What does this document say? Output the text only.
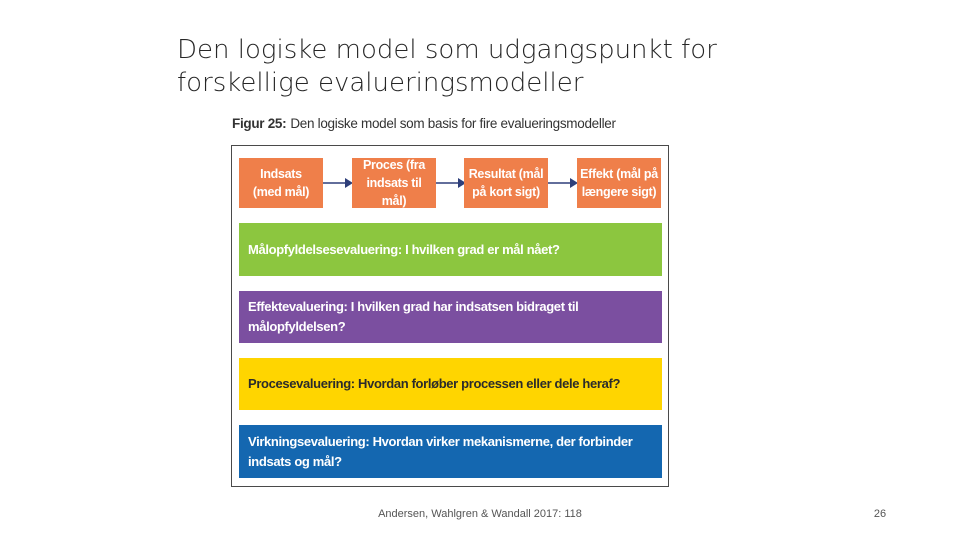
Den logiske model som udgangspunkt for
forskellige evalueringsmodeller
Figur 25: Den logiske model som basis for fire evalueringsmodeller
Indsats
(med mål)
Proces (fra
indsats til mål)
Resultat (mål
på kort sigt)
Effekt (mål på
længere sigt)
Målopfyldelsesevaluering: I hvilken grad er mål nået?
Effektevaluering: I hvilken grad har indsatsen bidraget til målopfyldelsen?
Procesevaluering: Hvordan forløber processen eller dele heraf?
Virkningsevaluering: Hvordan virker mekanismerne, der forbinder indsats og mål?
Andersen, Wahlgren & Wandall 2017: 118	26
